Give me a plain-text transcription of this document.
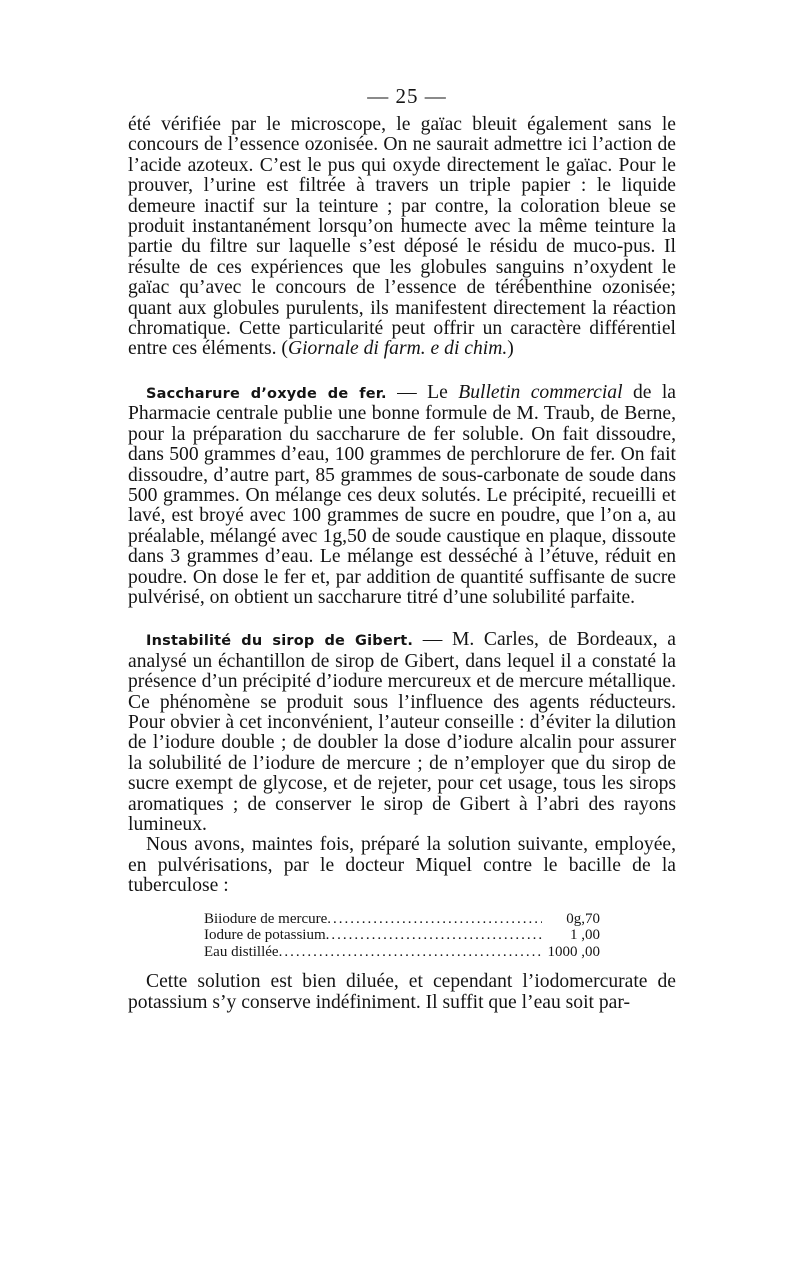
— 25 —

été vérifiée par le microscope, le gaïac bleuit également sans le concours de l’essence ozonisée. On ne saurait admettre ici l’action de l’acide azoteux. C’est le pus qui oxyde directement le gaïac. Pour le prouver, l’urine est filtrée à travers un triple papier : le liquide demeure inactif sur la teinture ; par contre, la coloration bleue se produit instantanément lorsqu’on humecte avec la même teinture la partie du filtre sur laquelle s’est déposé le résidu de muco-pus. Il résulte de ces expériences que les globules sanguins n’oxydent le gaïac qu’avec le concours de l’essence de térébenthine ozonisée; quant aux globules purulents, ils manifestent directement la réaction chromatique. Cette particularité peut offrir un caractère différentiel entre ces éléments. (Giornale di farm. e di chim.)

Saccharure d’oxyde de fer. — Le Bulletin commercial de la Pharmacie centrale publie une bonne formule de M. Traub, de Berne, pour la préparation du saccharure de fer soluble. On fait dissoudre, dans 500 grammes d’eau, 100 grammes de perchlorure de fer. On fait dissoudre, d’autre part, 85 grammes de sous-carbonate de soude dans 500 grammes. On mélange ces deux solutés. Le précipité, recueilli et lavé, est broyé avec 100 grammes de sucre en poudre, que l’on a, au préalable, mélangé avec 1g,50 de soude caustique en plaque, dissoute dans 3 grammes d’eau. Le mélange est desséché à l’étuve, réduit en poudre. On dose le fer et, par addition de quantité suffisante de sucre pulvérisé, on obtient un saccharure titré d’une solubilité parfaite.

Instabilité du sirop de Gibert. — M. Carles, de Bordeaux, a analysé un échantillon de sirop de Gibert, dans lequel il a constaté la présence d’un précipité d’iodure mercureux et de mercure métallique. Ce phénomène se produit sous l’influence des agents réducteurs. Pour obvier à cet inconvénient, l’auteur conseille : d’éviter la dilution de l’iodure double ; de doubler la dose d’iodure alcalin pour assurer la solubilité de l’iodure de mercure ; de n’employer que du sirop de sucre exempt de glycose, et de rejeter, pour cet usage, tous les sirops aromatiques ; de conserver le sirop de Gibert à l’abri des rayons lumineux.

Nous avons, maintes fois, préparé la solution suivante, employée, en pulvérisations, par le docteur Miquel contre le bacille de la tuberculose :

Biiodure de mercure .....	0g,70
Iodure de potassium .....	1 ,00
Eau distillée .....	1000 ,00

Cette solution est bien diluée, et cependant l’iodomercurate de potassium s’y conserve indéfiniment. Il suffit que l’eau soit par-
